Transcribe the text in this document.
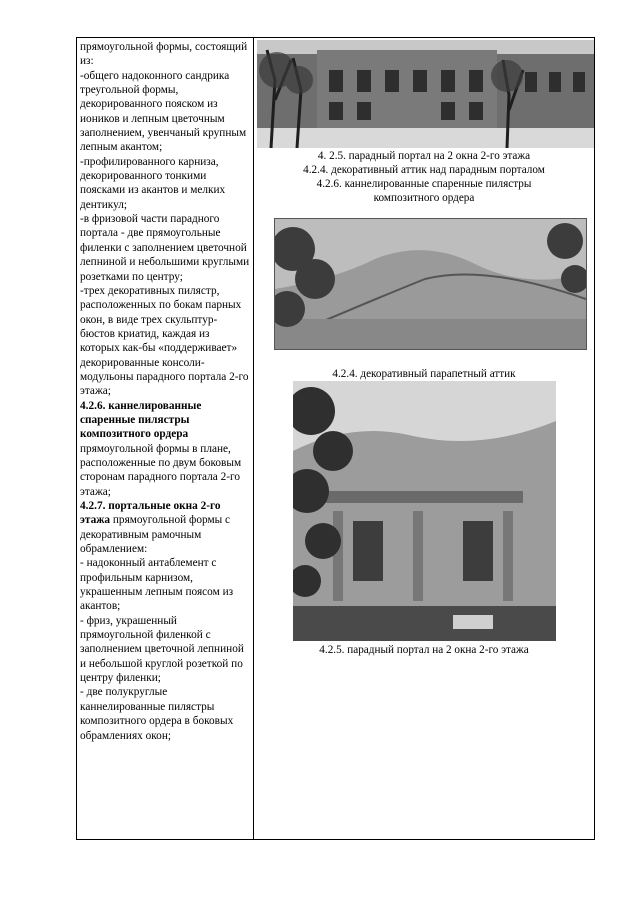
прямоугольной формы, состоящий из:

-общего надоконного сандрика треугольной формы, декорированного пояском из иоников и лепным цветочным заполнением, увенчаный крупным лепным акантом;

-профилированного карниза, декорированного тонкими поясками из акантов и мелких дентикул;

-в фризовой части парадного портала - две прямоугольные филенки с заполнением цветочной лепниной и небольшими круглыми розетками по центру;

-трех декоративных пилястр, расположенных по бокам парных окон, в виде трех скульптур-бюстов криатид, каждая из которых как-бы «поддерживает» декорированные консоли-модульоны парадного портала 2-го этажа;

4.2.6. каннелированные спаренные пилястры композитного ордера прямоугольной формы в плане, расположенные по двум боковым сторонам парадного портала 2-го этажа;

4.2.7. портальные окна 2-го этажа прямоугольной формы с декоративным рамочным обрамлением:

- надоконный антаблемент с профильным карнизом, украшенным лепным поясом из акантов;

- фриз, украшенный прямоугольной филенкой с заполнением цветочной лепниной и небольшой круглой розеткой по центру филенки;

- две полукруглые каннелированные пилястры композитного ордера в боковых обрамлениях окон;

4. 2.5. парадный портал на 2 окна 2-го этажа
4.2.4. декоративный аттик над парадным порталом
4.2.6. каннелированные спаренные пилястры
композитного ордера
4.2.4. декоративный парапетный аттик
4.2.5. парадный портал на 2 окна 2-го этажа
